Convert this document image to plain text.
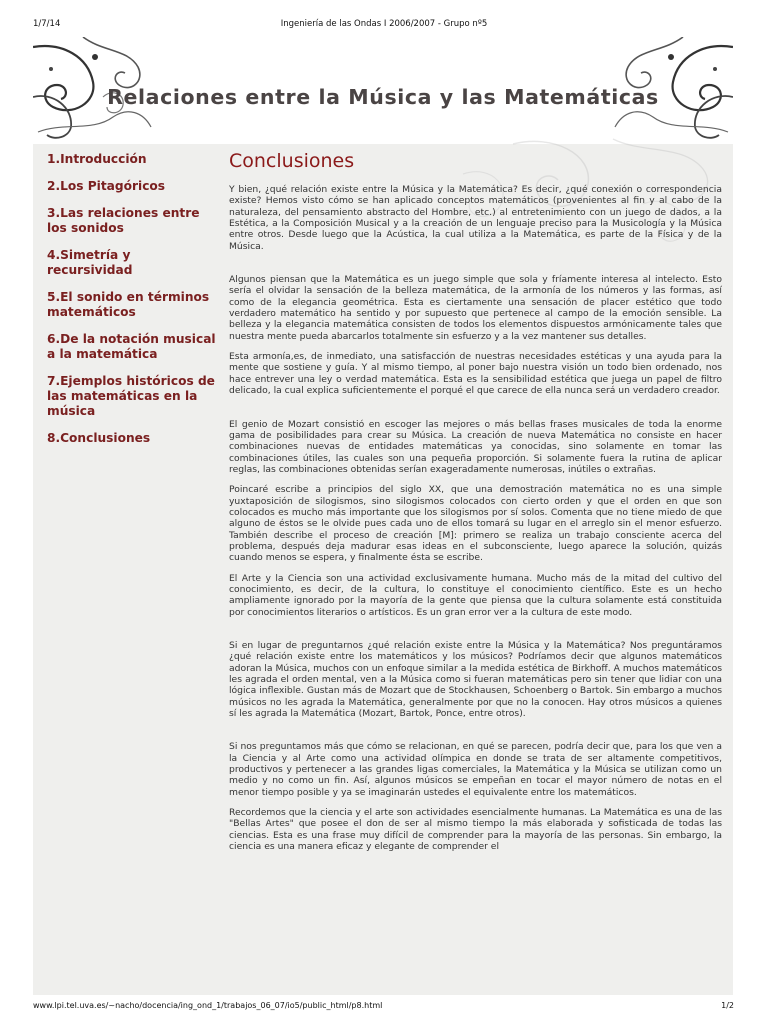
1/7/14	Ingeniería de las Ondas I 2006/2007 - Grupo nº5
Relaciones entre la Música y las Matemáticas
1.Introducción
2.Los Pitagóricos
3.Las relaciones entre los sonidos
4.Simetría y recursividad
5.El sonido en términos matemáticos
6.De la notación musical a la matemática
7.Ejemplos históricos de las matemáticas en la música
8.Conclusiones
Conclusiones

Y bien, ¿qué relación existe entre la Música y la Matemática? Es decir, ¿qué conexión o correspondencia existe? Hemos visto cómo se han aplicado conceptos matemáticos (provenientes al fin y al cabo de la naturaleza, del pensamiento abstracto del Hombre, etc.) al entretenimiento con un juego de dados, a la Estética, a la Composición Musical y a la creación de un lenguaje preciso para la Musicología y la Música entre otros. Desde luego que la Acústica, la cual utiliza a la Matemática, es parte de la Física y de la Música.

Algunos piensan que la Matemática es un juego simple que sola y fríamente interesa al intelecto. Esto sería el olvidar la sensación de la belleza matemática, de la armonía de los números y las formas, así como de la elegancia geométrica. Esta es ciertamente una sensación de placer estético que todo verdadero matemático ha sentido y por supuesto que pertenece al campo de la emoción sensible. La belleza y la elegancia matemática consisten de todos los elementos dispuestos armónicamente tales que nuestra mente pueda abarcarlos totalmente sin esfuerzo y a la vez mantener sus detalles.

Esta armonía,es, de inmediato, una satisfacción de nuestras necesidades estéticas y una ayuda para la mente que sostiene y guía. Y al mismo tiempo, al poner bajo nuestra visión un todo bien ordenado, nos hace entrever una ley o verdad matemática. Esta es la sensibilidad estética que juega un papel de filtro delicado, la cual explica suficientemente el porqué el que carece de ella nunca será un verdadero creador.

El genio de Mozart consistió en escoger las mejores o más bellas frases musicales de toda la enorme gama de posibilidades para crear su Música. La creación de nueva Matemática no consiste en hacer combinaciones nuevas de entidades matemáticas ya conocidas, sino solamente en tomar las combinaciones útiles, las cuales son una pequeña proporción. Si solamente fuera la rutina de aplicar reglas, las combinaciones obtenidas serían exageradamente numerosas, inútiles o extrañas.

Poincaré escribe a principios del siglo XX, que una demostración matemática no es una simple yuxtaposición de silogismos, sino silogismos colocados con cierto orden y que el orden en que son colocados es mucho más importante que los silogismos por sí solos. Comenta que no tiene miedo de que alguno de éstos se le olvide pues cada uno de ellos tomará su lugar en el arreglo sin el menor esfuerzo. También describe el proceso de creación [M]: primero se realiza un trabajo consciente acerca del problema, después deja madurar esas ideas en el subconsciente, luego aparece la solución, quizás cuando menos se espera, y finalmente ésta se escribe.

El Arte y la Ciencia son una actividad exclusivamente humana. Mucho más de la mitad del cultivo del conocimiento, es decir, de la cultura, lo constituye el conocimiento científico. Este es un hecho ampliamente ignorado por la mayoría de la gente que piensa que la cultura solamente está constituida por conocimientos literarios o artísticos. Es un gran error ver a la cultura de este modo.

Si en lugar de preguntarnos ¿qué relación existe entre la Música y la Matemática? Nos preguntáramos ¿qué relación existe entre los matemáticos y los músicos? Podríamos decir que algunos matemáticos adoran la Música, muchos con un enfoque similar a la medida estética de Birkhoff. A muchos matemáticos les agrada el orden mental, ven a la Música como si fueran matemáticas pero sin tener que lidiar con una lógica inflexible. Gustan más de Mozart que de Stockhausen, Schoenberg o Bartok. Sin embargo a muchos músicos no les agrada la Matemática, generalmente por que no la conocen. Hay otros músicos a quienes sí les agrada la Matemática (Mozart, Bartok, Ponce, entre otros).

Si nos preguntamos más que cómo se relacionan, en qué se parecen, podría decir que, para los que ven a la Ciencia y al Arte como una actividad olímpica en donde se trata de ser altamente competitivos, productivos y pertenecer a las grandes ligas comerciales, la Matemática y la Música se utilizan como un medio y no como un fin. Así, algunos músicos se empeñan en tocar el mayor número de notas en el menor tiempo posible y ya se imaginarán ustedes el equivalente entre los matemáticos.

Recordemos que la ciencia y el arte son actividades esencialmente humanas. La Matemática es una de las "Bellas Artes" que posee el don de ser al mismo tiempo la más elaborada y sofisticada de todas las ciencias. Esta es una frase muy difícil de comprender para la mayoría de las personas. Sin embargo, la ciencia es una manera eficaz y elegante de comprender el

www.lpi.tel.uva.es/~nacho/docencia/ing_ond_1/trabajos_06_07/io5/public_html/p8.html	1/2
